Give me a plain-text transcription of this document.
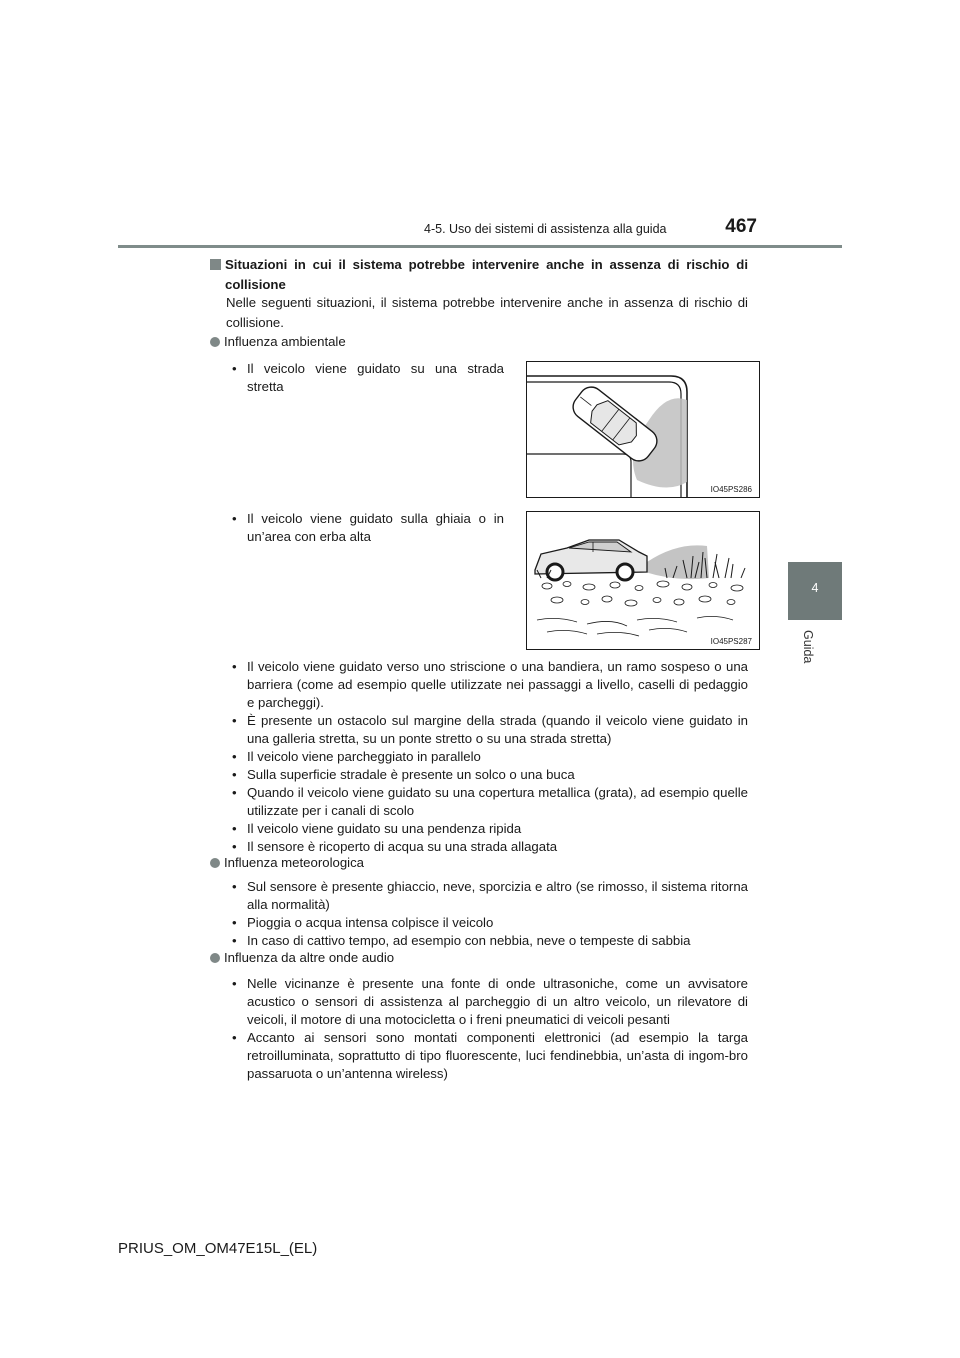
4-5. Uso dei sistemi di assistenza alla guida	467
4
Guida
Situazioni in cui il sistema potrebbe intervenire anche in assenza di rischio di collisione
Nelle seguenti situazioni, il sistema potrebbe intervenire anche in assenza di rischio di collisione.
Influenza ambientale
• Il veicolo viene guidato su una strada stretta
IO45PS286
• Il veicolo viene guidato sulla ghiaia o in un’area con erba alta
IO45PS287
• Il veicolo viene guidato verso uno striscione o una bandiera, un ramo sospeso o una barriera (come ad esempio quelle utilizzate nei passaggi a livello, caselli di pedaggio e parcheggi).
• È presente un ostacolo sul margine della strada (quando il veicolo viene guidato in una galleria stretta, su un ponte stretto o su una strada stretta)
• Il veicolo viene parcheggiato in parallelo
• Sulla superficie stradale è presente un solco o una buca
• Quando il veicolo viene guidato su una copertura metallica (grata), ad esempio quelle utilizzate per i canali di scolo
• Il veicolo viene guidato su una pendenza ripida
• Il sensore è ricoperto di acqua su una strada allagata
Influenza meteorologica
• Sul sensore è presente ghiaccio, neve, sporcizia e altro (se rimosso, il sistema ritorna alla normalità)
• Pioggia o acqua intensa colpisce il veicolo
• In caso di cattivo tempo, ad esempio con nebbia, neve o tempeste di sabbia
Influenza da altre onde audio
• Nelle vicinanze è presente una fonte di onde ultrasoniche, come un avvisatore acustico o sensori di assistenza al parcheggio di un altro veicolo, un rilevatore di veicoli, il motore di una motocicletta o i freni pneumatici di veicoli pesanti
• Accanto ai sensori sono montati componenti elettronici (ad esempio la targa retroilluminata, soprattutto di tipo fluorescente, luci fendinebbia, un’asta di ingom-bro passaruota o un’antenna wireless)
PRIUS_OM_OM47E15L_(EL)
